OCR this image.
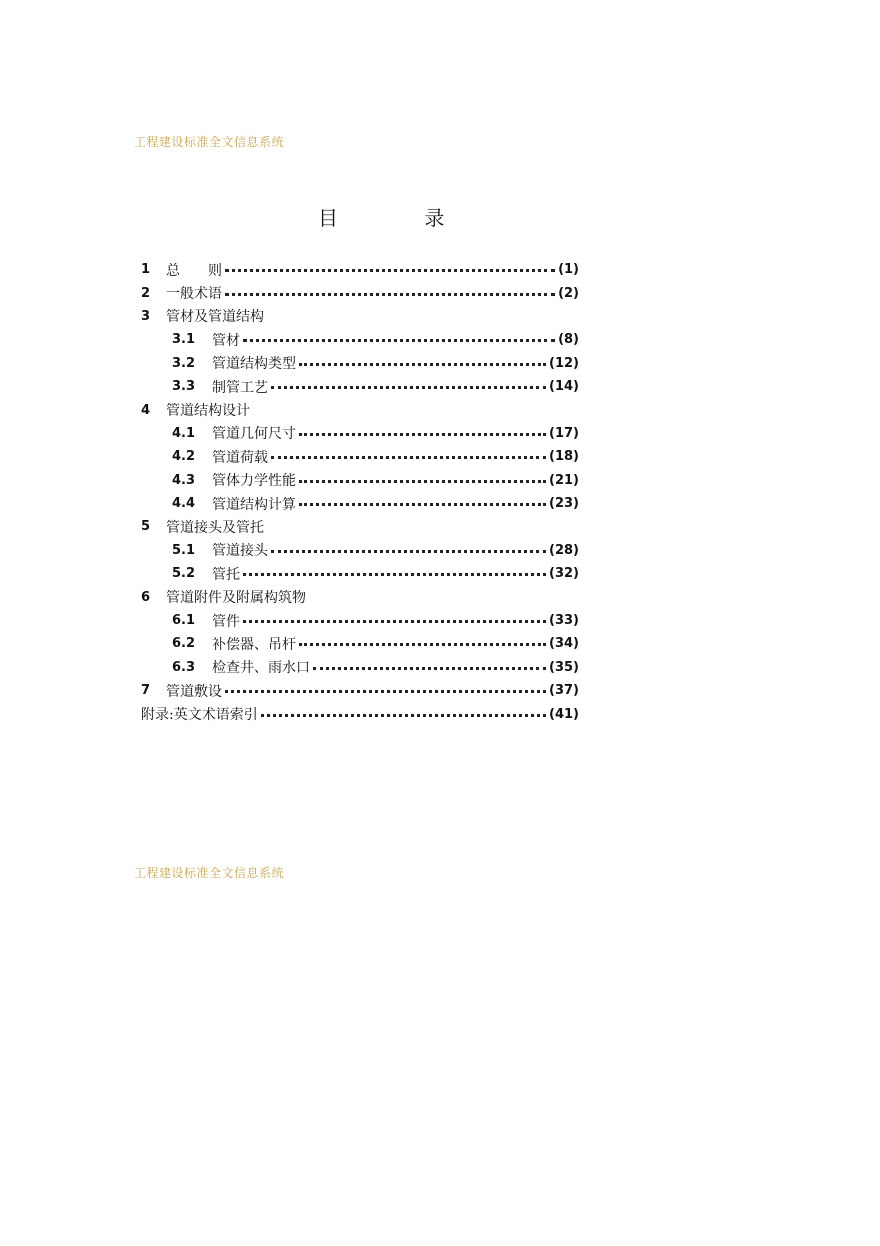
工程建设标准全文信息系统
目 录
1	总　　则	(1)
2	一般术语	(2)
3	管材及管道结构
3.1	管材	(8)
3.2	管道结构类型	(12)
3.3	制管工艺	(14)
4	管道结构设计
4.1	管道几何尺寸	(17)
4.2	管道荷载	(18)
4.3	管体力学性能	(21)
4.4	管道结构计算	(23)
5	管道接头及管托
5.1	管道接头	(28)
5.2	管托	(32)
6	管道附件及附属构筑物
6.1	管件	(33)
6.2	补偿器、吊杆	(34)
6.3	检查井、雨水口	(35)
7	管道敷设	(37)
附录:英文术语索引	(41)
工程建设标准全文信息系统
